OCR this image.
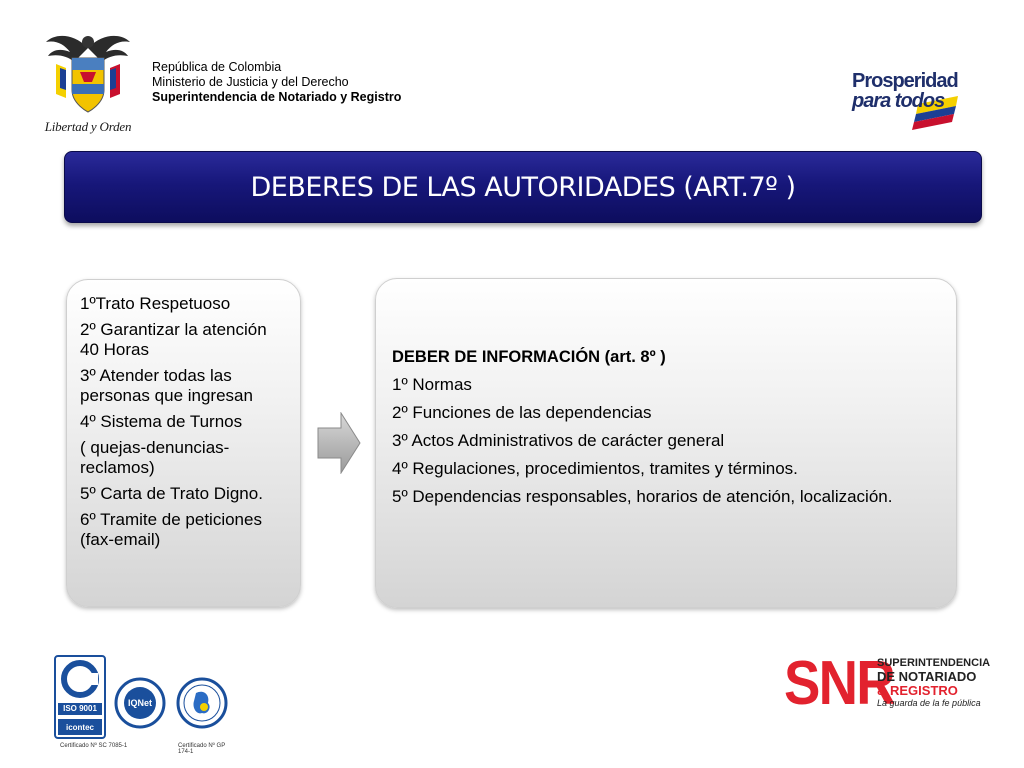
Libertad y Orden
República de Colombia
Ministerio de Justicia y del Derecho
Superintendencia de Notariado y Registro
Prosperidad
para todos
DEBERES DE LAS AUTORIDADES (ART.7º )

1ºTrato Respetuoso

2º Garantizar la atención 40 Horas

3º Atender todas las personas que ingresan

4º Sistema de Turnos

( quejas-denuncias-reclamos)

5º Carta de Trato Digno.

6º Tramite de peticiones (fax-email)

DEBER DE INFORMACIÓN (art. 8º )

1º Normas

2º Funciones de las dependencias

3º Actos Administrativos de carácter general

4º Regulaciones, procedimientos, tramites y términos.

5º Dependencias responsables, horarios de atención, localización.

ISO 9001
icontec
IQNet
Certificado Nº SC 7085-1	Certificado Nº GP 174-1
SNR
SUPERINTENDENCIA
DE NOTARIADO
& REGISTRO
La guarda de la fe pública
